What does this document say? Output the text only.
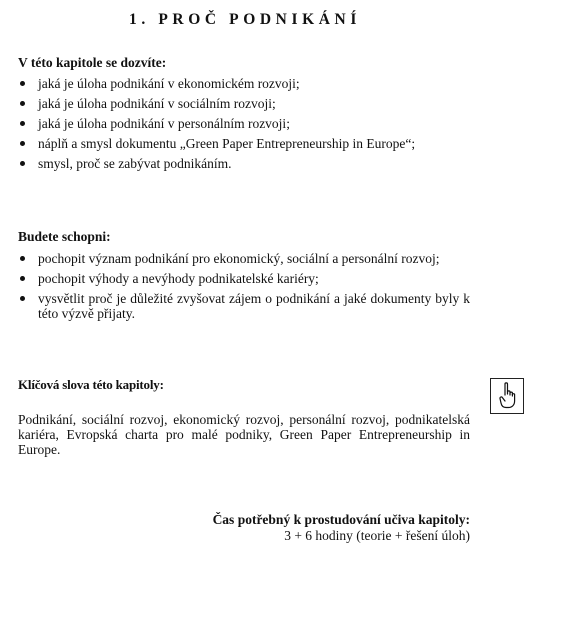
1. PROČ PODNIKÁNÍ
V této kapitole se dozvíte:
jaká je úloha podnikání v ekonomickém rozvoji;
jaká je úloha podnikání v sociálním rozvoji;
jaká je úloha podnikání v personálním rozvoji;
náplň a smysl dokumentu „Green Paper Entrepreneurship in Europe“;
smysl, proč se zabývat podnikáním.
Budete schopni:
pochopit význam podnikání pro ekonomický, sociální a personální rozvoj;
pochopit výhody a nevýhody podnikatelské kariéry;
vysvětlit proč je důležité zvyšovat zájem o podnikání a jaké dokumenty byly k této výzvě přijaty.
Klíčová slova této kapitoly:
Podnikání, sociální rozvoj, ekonomický rozvoj, personální rozvoj, podnikatelská kariéra, Evropská charta pro malé podniky, Green Paper Entrepreneurship in Europe.
Čas potřebný k prostudování učiva kapitoly:
3 + 6 hodiny (teorie + řešení úloh)
